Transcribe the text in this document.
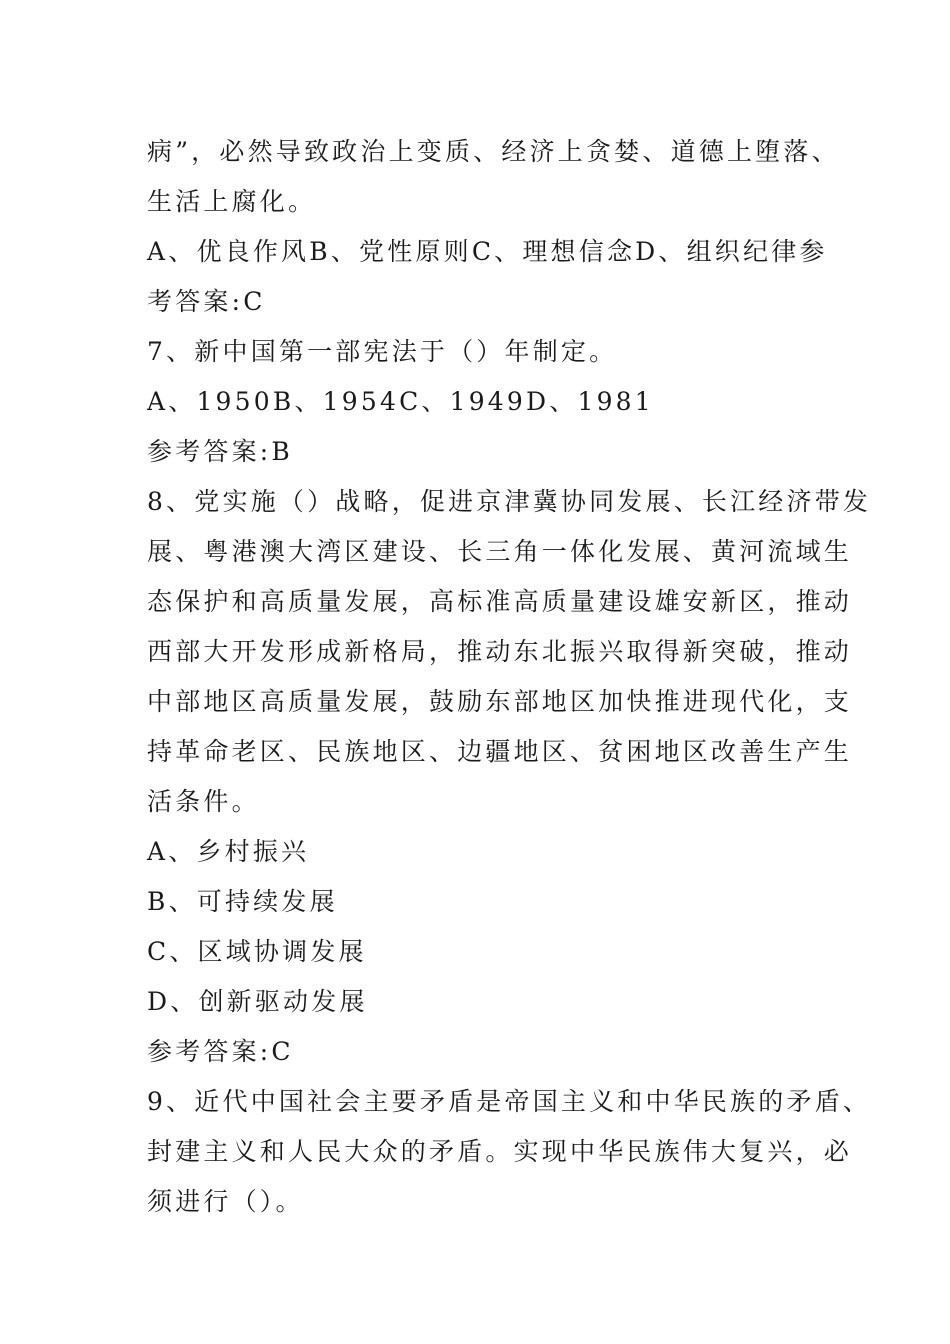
病”，必然导致政治上变质、经济上贪婪、道德上堕落、
生活上腐化。
A、优良作风B、党性原则C、理想信念D、组织纪律参
考答案:C
7、新中国第一部宪法于（）年制定。
A、1950B、1954C、1949D、1981
参考答案:B
8、党实施（）战略，促进京津冀协同发展、长江经济带发
展、粤港澳大湾区建设、长三角一体化发展、黄河流域生
态保护和高质量发展，高标准高质量建设雄安新区，推动
西部大开发形成新格局，推动东北振兴取得新突破，推动
中部地区高质量发展，鼓励东部地区加快推进现代化，支
持革命老区、民族地区、边疆地区、贫困地区改善生产生
活条件。
A、乡村振兴
B、可持续发展
C、区域协调发展
D、创新驱动发展
参考答案:C
9、近代中国社会主要矛盾是帝国主义和中华民族的矛盾、
封建主义和人民大众的矛盾。实现中华民族伟大复兴，必
须进行（）。
